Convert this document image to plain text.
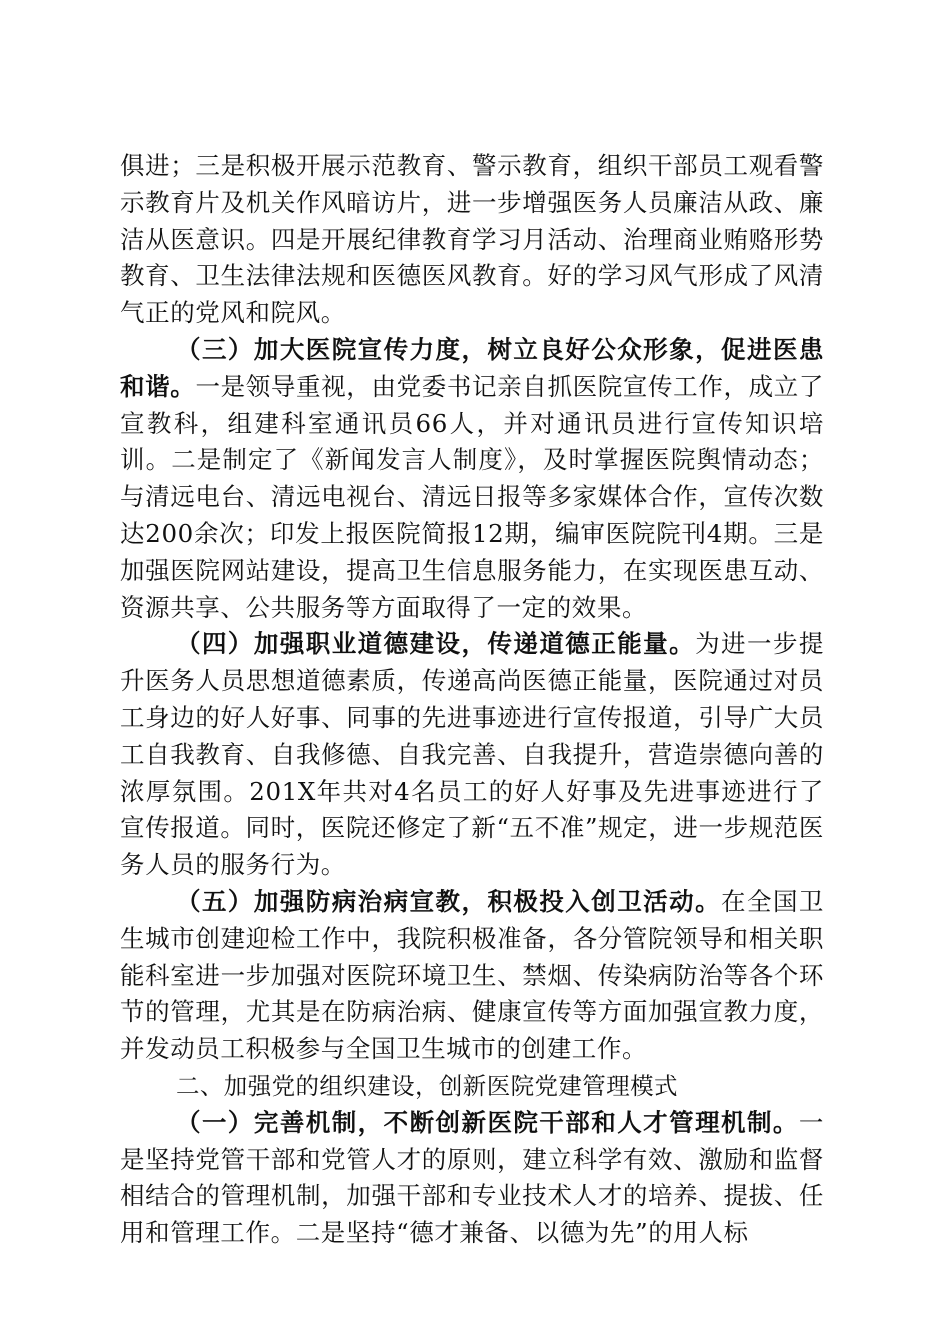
俱进；三是积极开展示范教育、警示教育，组织干部员工观看警示教育片及机关作风暗访片，进一步增强医务人员廉洁从政、廉洁从医意识。四是开展纪律教育学习月活动、治理商业贿赂形势教育、卫生法律法规和医德医风教育。好的学习风气形成了风清气正的党风和院风。

（三）加大医院宣传力度，树立良好公众形象，促进医患和谐。一是领导重视，由党委书记亲自抓医院宣传工作，成立了宣教科，组建科室通讯员66人，并对通讯员进行宣传知识培训。二是制定了《新闻发言人制度》，及时掌握医院舆情动态；与清远电台、清远电视台、清远日报等多家媒体合作，宣传次数达200余次；印发上报医院简报12期，编审医院院刊4期。三是加强医院网站建设，提高卫生信息服务能力，在实现医患互动、资源共享、公共服务等方面取得了一定的效果。

（四）加强职业道德建设，传递道德正能量。为进一步提升医务人员思想道德素质，传递高尚医德正能量，医院通过对员工身边的好人好事、同事的先进事迹进行宣传报道，引导广大员工自我教育、自我修德、自我完善、自我提升，营造崇德向善的浓厚氛围。201X年共对4名员工的好人好事及先进事迹进行了宣传报道。同时，医院还修定了新“五不准”规定，进一步规范医务人员的服务行为。

（五）加强防病治病宣教，积极投入创卫活动。在全国卫生城市创建迎检工作中，我院积极准备，各分管院领导和相关职能科室进一步加强对医院环境卫生、禁烟、传染病防治等各个环节的管理，尤其是在防病治病、健康宣传等方面加强宣教力度，并发动员工积极参与全国卫生城市的创建工作。

二、加强党的组织建设，创新医院党建管理模式

（一）完善机制，不断创新医院干部和人才管理机制。一是坚持党管干部和党管人才的原则，建立科学有效、激励和监督相结合的管理机制，加强干部和专业技术人才的培养、提拔、任用和管理工作。二是坚持“德才兼备、以德为先”的用人标
